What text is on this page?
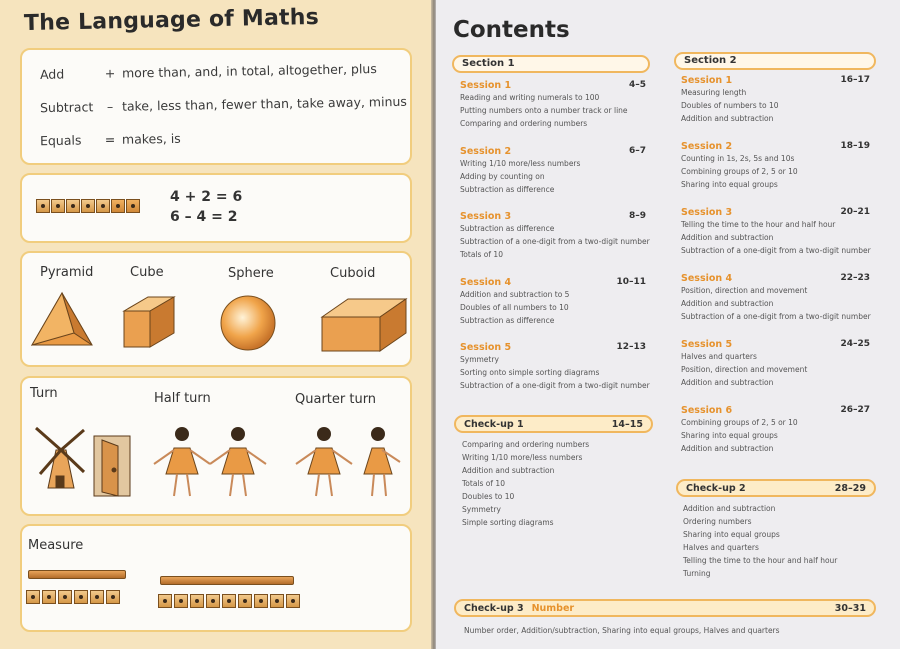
The Language of Maths
Add	+ more than, and, in total, altogether, plus
Subtract – take, less than, fewer than, take away, minus
Equals = makes, is
4 + 2 = 6
6 – 4 = 2
Pyramid	Cube	Sphere	Cuboid
Turn	Half turn	Quarter turn
Measure
Contents
Section 1
Session 1	4–5
Reading and writing numerals to 100
Putting numbers onto a number track or line
Comparing and ordering numbers
Session 2	6–7
Writing 1/10 more/less numbers
Adding by counting on
Subtraction as difference
Session 3	8–9
Subtraction as difference
Subtraction of a one-digit from a two-digit number
Totals of 10
Session 4	10–11
Addition and subtraction to 5
Doubles of all numbers to 10
Subtraction as difference
Session 5	12–13
Symmetry
Sorting onto simple sorting diagrams
Subtraction of a one-digit from a two-digit number
Check-up 1	14–15
Comparing and ordering numbers
Writing 1/10 more/less numbers
Addition and subtraction
Totals of 10
Doubles to 10
Symmetry
Simple sorting diagrams
Section 2
Session 1	16–17
Measuring length
Doubles of numbers to 10
Addition and subtraction
Session 2	18–19
Counting in 1s, 2s, 5s and 10s
Combining groups of 2, 5 or 10
Sharing into equal groups
Session 3	20–21
Telling the time to the hour and half hour
Addition and subtraction
Subtraction of a one-digit from a two-digit number
Session 4	22–23
Position, direction and movement
Addition and subtraction
Subtraction of a one-digit from a two-digit number
Session 5	24–25
Halves and quarters
Position, direction and movement
Addition and subtraction
Session 6	26–27
Combining groups of 2, 5 or 10
Sharing into equal groups
Addition and subtraction
Check-up 2	28–29
Addition and subtraction
Ordering numbers
Sharing into equal groups
Halves and quarters
Telling the time to the hour and half hour
Turning
Check-up 3 Number	30–31
Number order, Addition/subtraction, Sharing into equal groups, Halves and quarters
